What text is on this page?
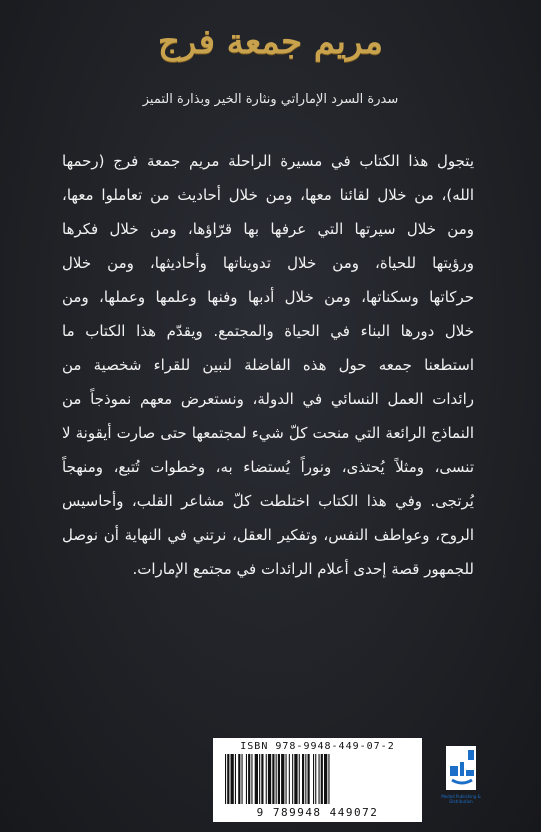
مريم جمعة فرج
سدرة السرد الإماراتي ونثارة الخير وبذارة التميز
يتجول هذا الكتاب في مسيرة الراحلة مريم جمعة فرج (رحمها
الله)، من خلال لقائنا معها، ومن خلال أحاديث من تعاملوا معها،
ومن خلال سيرتها التي عرفها بها قرّاؤها، ومن خلال فكرها
ورؤيتها للحياة، ومن خلال تدويناتها وأحاديثها، ومن خلال
حركاتها وسكناتها، ومن خلال أدبها وفنها وعلمها وعملها، ومن
خلال دورها البناء في الحياة والمجتمع. ويقدّم هذا الكتاب ما
استطعنا جمعه حول هذه الفاضلة لنبين للقراء شخصية من
رائدات العمل النسائي في الدولة، ونستعرض معهم نموذجاً من
النماذج الرائعة التي منحت كلّ شيء لمجتمعها حتى صارت أيقونة لا
تنسى، ومثلاً يُحتذى، ونوراً يُستضاء به، وخطوات تُتبع، ومنهجاً
يُرتجى. وفي هذا الكتاب اختلطت كلّ مشاعر القلب، وأحاسيس
الروح، وعواطف النفس، وتفكير العقل، نرتني في النهاية أن نوصل
للجمهور قصة إحدى أعلام الرائدات في مجتمع الإمارات.
ISBN 978-9948-449-07-2
9 789948 449072
Medad Publishing & Distribution
